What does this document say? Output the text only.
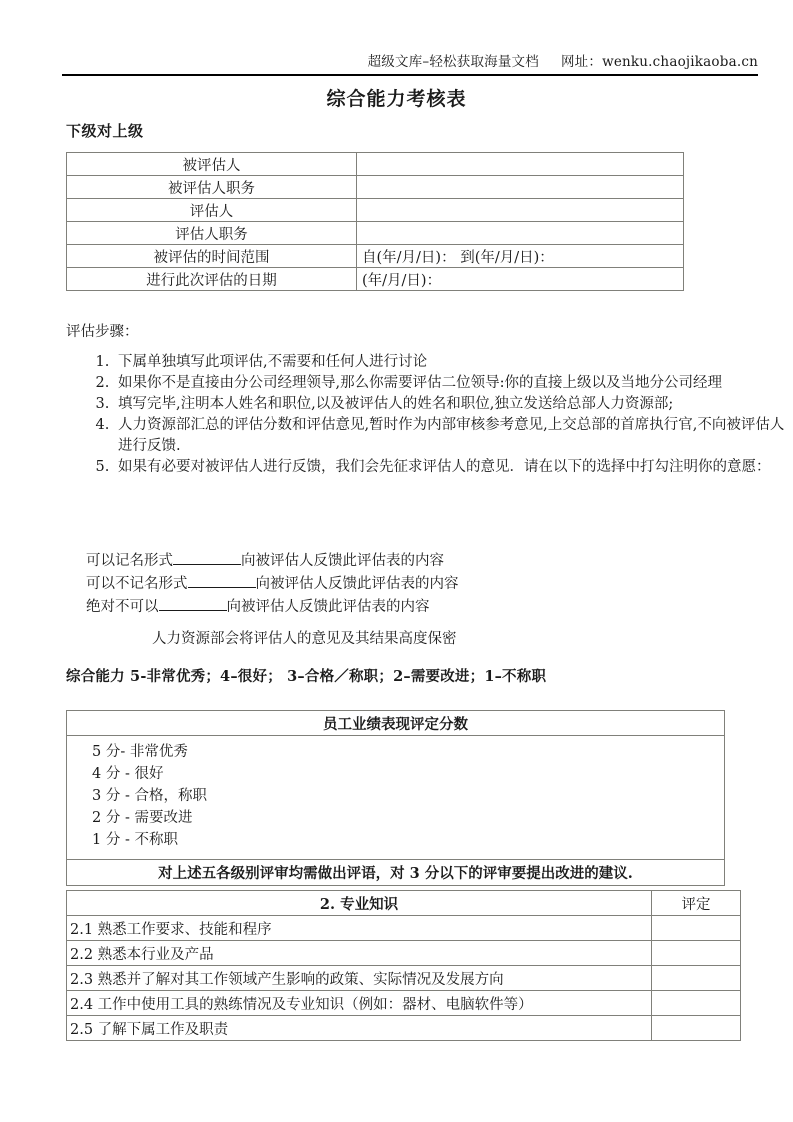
超级文库–轻松获取海量文档 网址：wenku.chaojikaoba.cn
综合能力考核表
下级对上级
被评估人	
被评估人职务	
评估人	
评估人职务	
被评估的时间范围	自(年/月/日)： 到(年/月/日)：
进行此次评估的日期	(年/月/日)：
评估步骤：
1. 下属单独填写此项评估,不需要和任何人进行讨论
2. 如果你不是直接由分公司经理领导,那么你需要评估二位领导:你的直接上级以及当地分公司经理
3. 填写完毕,注明本人姓名和职位,以及被评估人的姓名和职位,独立发送给总部人力资源部;
4. 人力资源部汇总的评估分数和评估意见,暂时作为内部审核参考意见,上交总部的首席执行官,不向被评估人进行反馈.
5. 如果有必要对被评估人进行反馈，我们会先征求评估人的意见．请在以下的选择中打勾注明你的意愿：
可以记名形式	向被评估人反馈此评估表的内容
可以不记名形式	向被评估人反馈此评估表的内容
绝对不可以	向被评估人反馈此评估表的内容
人力资源部会将评估人的意见及其结果高度保密
综合能力 5-非常优秀；4–很好； 3–合格／称职；2–需要改进；1–不称职
员工业绩表现评定分数

5 分- 非常优秀
4 分 - 很好
3 分 - 合格，称职
2 分 - 需要改进
1 分 - 不称职

对上述五各级别评审均需做出评语，对 3 分以下的评审要提出改进的建议.
2. 专业知识	评定
2.1 熟悉工作要求、技能和程序	
2.2 熟悉本行业及产品	
2.3 熟悉并了解对其工作领域产生影响的政策、实际情况及发展方向	
2.4 工作中使用工具的熟练情况及专业知识（例如：器材、电脑软件等）	
2.5 了解下属工作及职责	
